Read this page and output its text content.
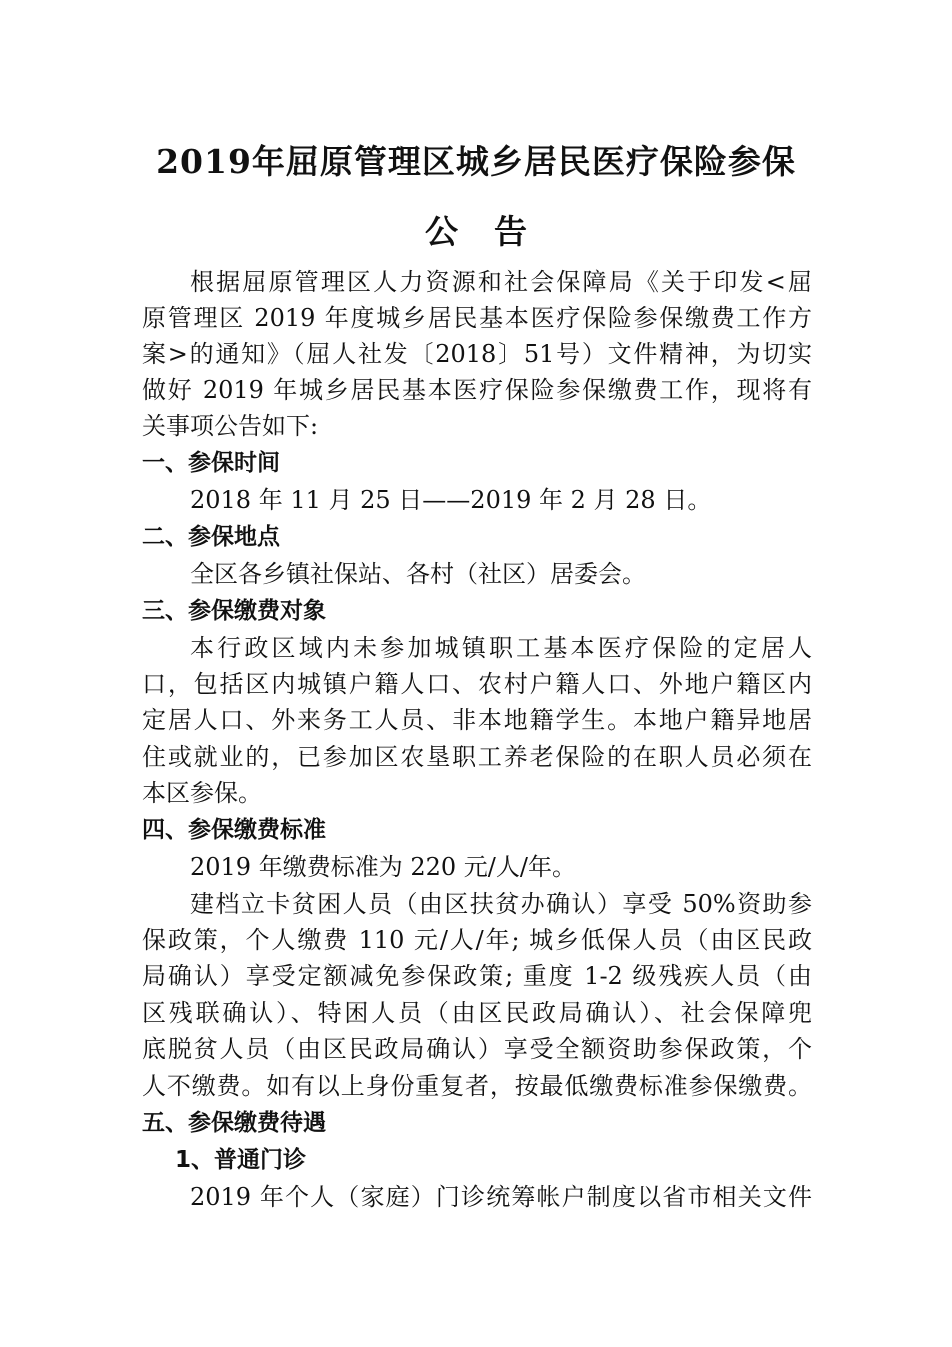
2019年屈原管理区城乡居民医疗保险参保
公告
根据屈原管理区人力资源和社会保障局《关于印发<屈
原管理区 2019 年度城乡居民基本医疗保险参保缴费工作方
案>的通知》（屈人社发〔2018〕51号）文件精神，为切实
做好 2019 年城乡居民基本医疗保险参保缴费工作，现将有
关事项公告如下:
一、参保时间
2018 年 11 月 25 日——2019 年 2 月 28 日。
二、参保地点
全区各乡镇社保站、各村（社区）居委会。
三、参保缴费对象
本行政区域内未参加城镇职工基本医疗保险的定居人
口，包括区内城镇户籍人口、农村户籍人口、外地户籍区内
定居人口、外来务工人员、非本地籍学生。本地户籍异地居
住或就业的，已参加区农垦职工养老保险的在职人员必须在
本区参保。
四、参保缴费标准
2019 年缴费标准为 220 元/人/年。
建档立卡贫困人员（由区扶贫办确认）享受 50%资助参
保政策，个人缴费 110 元/人/年; 城乡低保人员（由区民政
局确认）享受定额减免参保政策; 重度 1-2 级残疾人员（由
区残联确认）、特困人员（由区民政局确认）、社会保障兜
底脱贫人员（由区民政局确认）享受全额资助参保政策，个
人不缴费。如有以上身份重复者，按最低缴费标准参保缴费。
五、参保缴费待遇
1、普通门诊
2019 年个人（家庭）门诊统筹帐户制度以省市相关文件
